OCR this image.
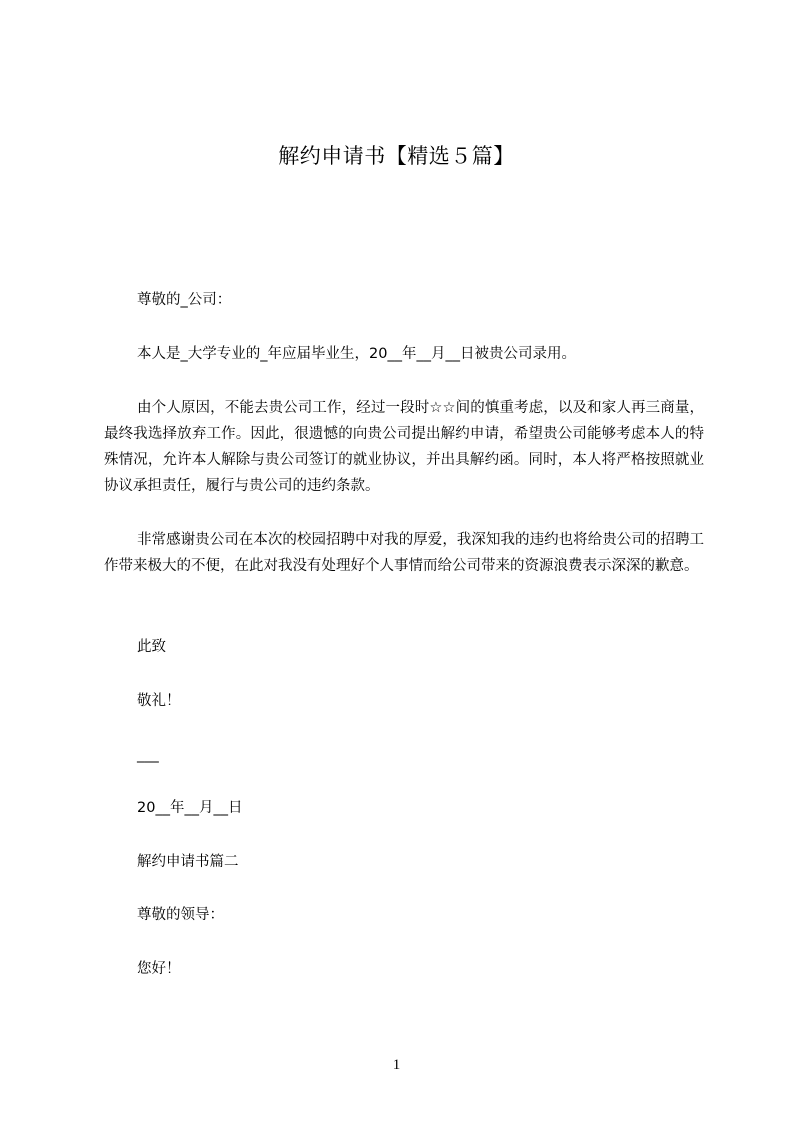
解约申请书【精选５篇】
尊敬的_公司：
本人是_大学专业的_年应届毕业生，20__年__月__日被贵公司录用。
由个人原因，不能去贵公司工作，经过一段时☆☆间的慎重考虑，以及和家人再三商量，最终我选择放弃工作。因此，很遗憾的向贵公司提出解约申请，希望贵公司能够考虑本人的特殊情况，允许本人解除与贵公司签订的就业协议，并出具解约函。同时，本人将严格按照就业协议承担责任，履行与贵公司的违约条款。
非常感谢贵公司在本次的校园招聘中对我的厚爱，我深知我的违约也将给贵公司的招聘工作带来极大的不便，在此对我没有处理好个人事情而给公司带来的资源浪费表示深深的歉意。
此致
敬礼！
___
20__年__月__日
解约申请书篇二
尊敬的领导：
您好！
1
